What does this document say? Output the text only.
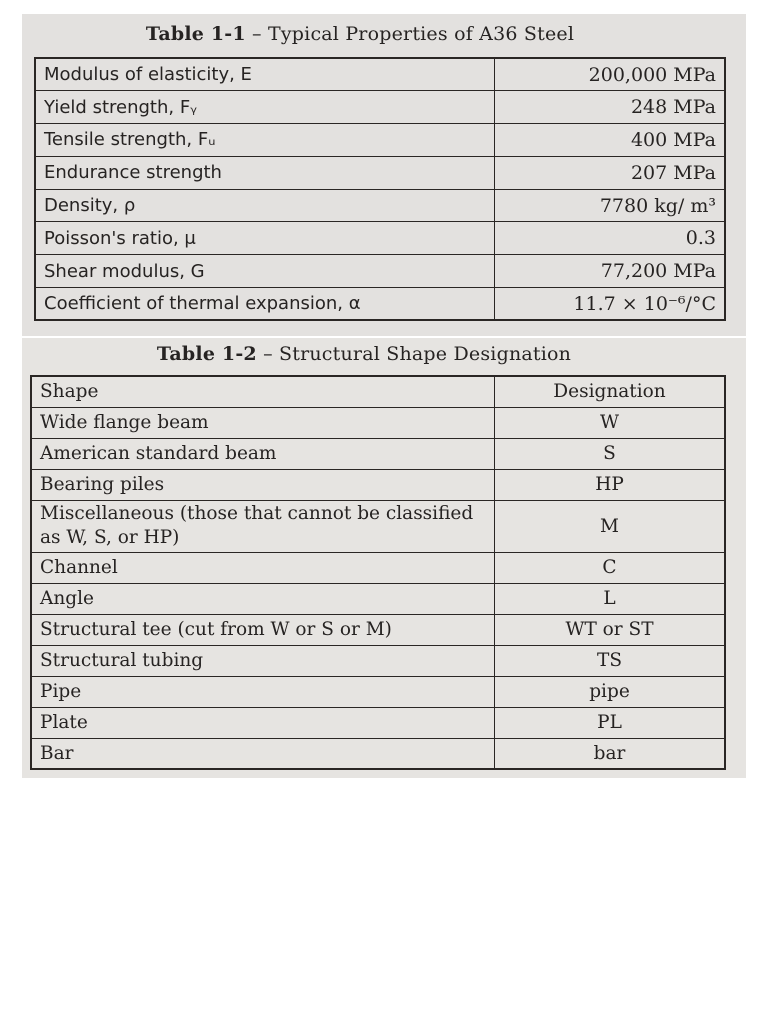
Table 1-1 – Typical Properties of A36 Steel
Modulus of elasticity, E	200,000 MPa
Yield strength, Fᵧ	248 MPa
Tensile strength, Fᵤ	400 MPa
Endurance strength	207 MPa
Density, ρ	7780 kg/ m³
Poisson's ratio, μ	0.3
Shear modulus, G	77,200 MPa
Coefficient of thermal expansion, α	11.7 × 10⁻⁶/°C
Table 1-2 – Structural Shape Designation
Shape	Designation
Wide flange beam	W
American standard beam	S
Bearing piles	HP
Miscellaneous (those that cannot be classified as W, S, or HP)	M
Channel	C
Angle	L
Structural tee (cut from W or S or M)	WT or ST
Structural tubing	TS
Pipe	pipe
Plate	PL
Bar	bar
